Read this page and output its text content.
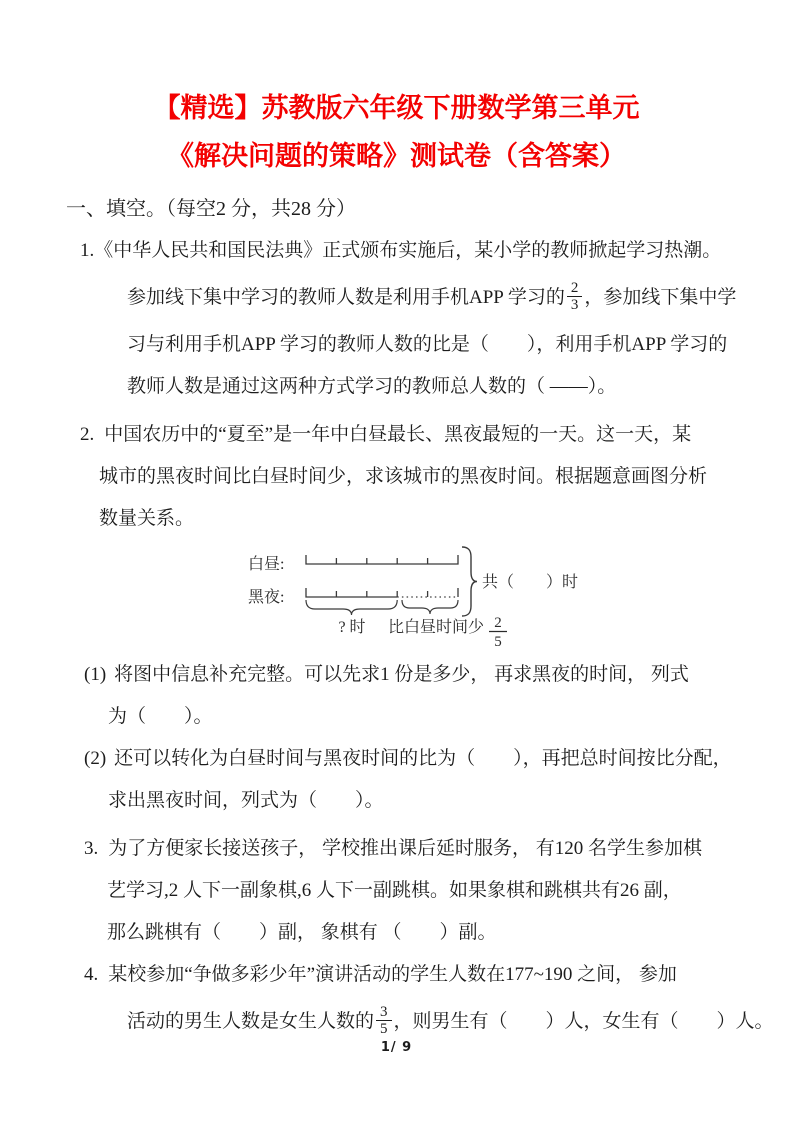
【精选】苏教版六年级下册数学第三单元
《解决问题的策略》测试卷（含答案）
一、填空。（每空2 分，共28 分）
1.《中华人民共和国民法典》正式颁布实施后，某小学的教师掀起学习热潮。
参加线下集中学习的教师人数是利用手机APP 学习的 $\frac{2}{3}$ ，参加线下集中学
习与利用手机APP 学习的教师人数的比是（　　），利用手机APP 学习的
教师人数是通过这两种方式学习的教师总人数的（ ——）。
2. 中国农历中的“夏至”是一年中白昼最长、黑夜最短的一天。这一天，某
城市的黑夜时间比白昼时间少，求该城市的黑夜时间。根据题意画图分析
数量关系。
白昼:
黑夜:
共（　　）时
? 时 比白昼时间少 2
5
(1) 将图中信息补充完整。可以先求1 份是多少， 再求黑夜的时间， 列式
为（　　）。
(2) 还可以转化为白昼时间与黑夜时间的比为（　　），再把总时间按比分配，
求出黑夜时间，列式为（　　）。
3. 为了方便家长接送孩子， 学校推出课后延时服务， 有120 名学生参加棋
艺学习,2 人下一副象棋,6 人下一副跳棋。如果象棋和跳棋共有26 副，
那么跳棋有（　　）副， 象棋有 （　　）副。
4. 某校参加“争做多彩少年”演讲活动的学生人数在177~190 之间， 参加
活动的男生人数是女生人数的 $\frac{3}{5}$ ，则男生有（　　）人，女生有（　　）人。
1/ 9
